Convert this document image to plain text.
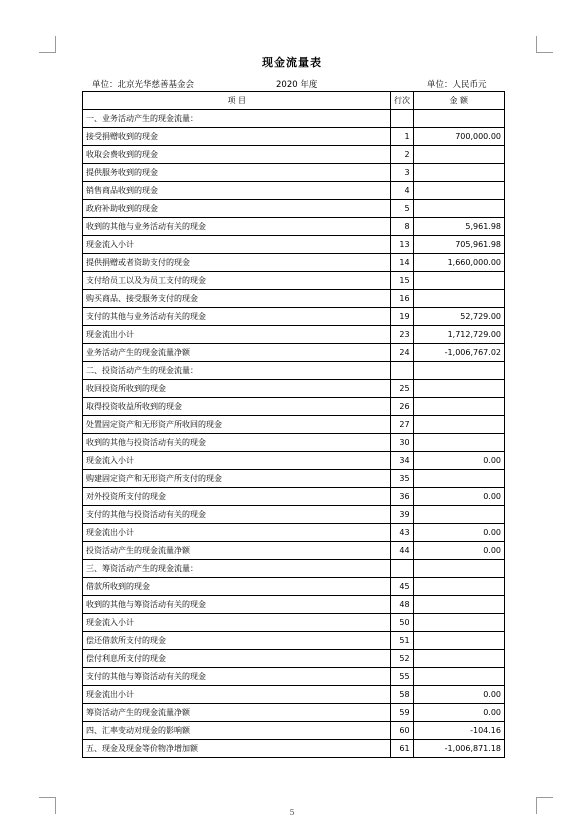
现金流量表
单位：北京光华慈善基金会	2020 年度	单位：人民币元
项 目	行次	金 额
一、业务活动产生的现金流量：		
接受捐赠收到的现金	1	700,000.00
收取会费收到的现金	2	
提供服务收到的现金	3	
销售商品收到的现金	4	
政府补助收到的现金	5	
收到的其他与业务活动有关的现金	8	5,961.98
现金流入小计	13	705,961.98
提供捐赠或者资助支付的现金	14	1,660,000.00
支付给员工以及为员工支付的现金	15	
购买商品、接受服务支付的现金	16	
支付的其他与业务活动有关的现金	19	52,729.00
现金流出小计	23	1,712,729.00
业务活动产生的现金流量净额	24	-1,006,767.02
二、投资活动产生的现金流量：		
收回投资所收到的现金	25	
取得投资收益所收到的现金	26	
处置固定资产和无形资产所收回的现金	27	
收到的其他与投资活动有关的现金	30	
现金流入小计	34	0.00
购建固定资产和无形资产所支付的现金	35	
对外投资所支付的现金	36	0.00
支付的其他与投资活动有关的现金	39	
现金流出小计	43	0.00
投资活动产生的现金流量净额	44	0.00
三、筹资活动产生的现金流量：		
借款所收到的现金	45	
收到的其他与筹资活动有关的现金	48	
现金流入小计	50	
偿还借款所支付的现金	51	
偿付利息所支付的现金	52	
支付的其他与筹资活动有关的现金	55	
现金流出小计	58	0.00
筹资活动产生的现金流量净额	59	0.00
四、汇率变动对现金的影响额	60	-104.16
五、现金及现金等价物净增加额	61	-1,006,871.18
5
